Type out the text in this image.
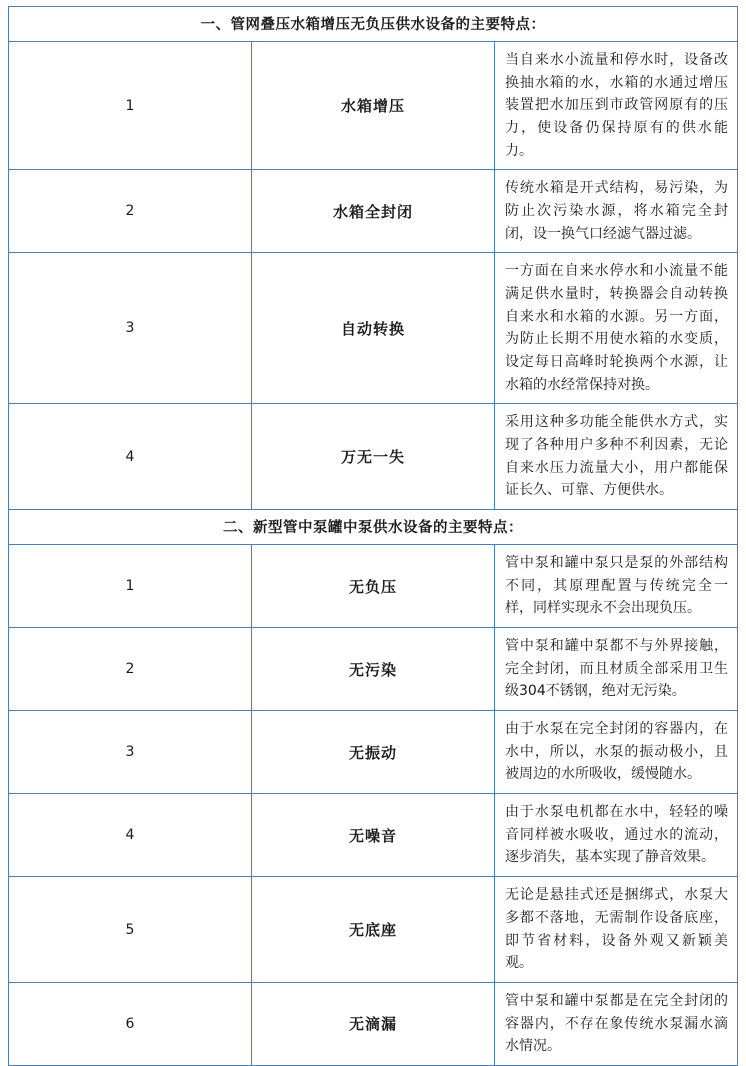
一、管网叠压水箱增压无负压供水设备的主要特点：		
1	水箱增压	当自来水小流量和停水时，设备改换抽水箱的水，水箱的水通过增压装置把水加压到市政管网原有的压力，使设备仍保持原有的供水能力。
2	水箱全封闭	传统水箱是开式结构，易污染，为防止次污染水源，将水箱完全封闭，设一换气口经滤气器过滤。
3	自动转换	一方面在自来水停水和小流量不能满足供水量时，转换器会自动转换自来水和水箱的水源。另一方面，为防止长期不用使水箱的水变质，设定每日高峰时轮换两个水源，让水箱的水经常保持对换。
4	万无一失	采用这种多功能全能供水方式，实现了各种用户多种不利因素，无论自来水压力流量大小，用户都能保证长久、可靠、方便供水。
二、新型管中泵罐中泵供水设备的主要特点：		
1	无负压	管中泵和罐中泵只是泵的外部结构不同，其原理配置与传统完全一样，同样实现永不会出现负压。
2	无污染	管中泵和罐中泵都不与外界接触，完全封闭，而且材质全部采用卫生级304不锈钢，绝对无污染。
3	无振动	由于水泵在完全封闭的容器内，在水中，所以，水泵的振动极小，且被周边的水所吸收，缓慢随水。
4	无噪音	由于水泵电机都在水中，轻轻的噪音同样被水吸收，通过水的流动，逐步消失，基本实现了静音效果。
5	无底座	无论是悬挂式还是捆绑式，水泵大多都不落地，无需制作设备底座，即节省材料，设备外观又新颖美观。
6	无滴漏	管中泵和罐中泵都是在完全封闭的容器内，不存在象传统水泵漏水滴水情况。
